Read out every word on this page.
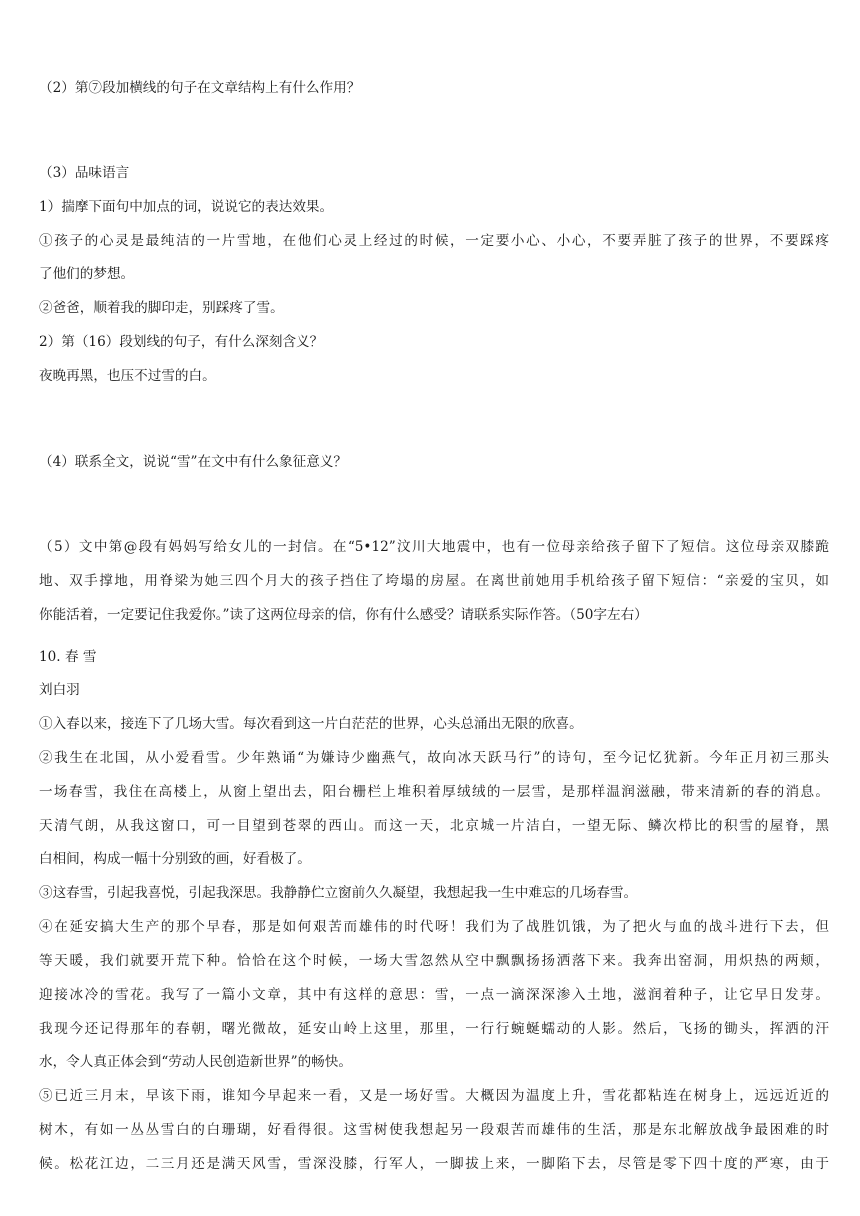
（2）第⑦段加横线的句子在文章结构上有什么作用？
（3）品味语言
1）揣摩下面句中加点的词，说说它的表达效果。
①孩子的心灵是最纯洁的一片雪地，在他们心灵上经过的时候，一定要小心、小心，不要弄脏了孩子的世界，不要踩疼
了他们的梦想。
②爸爸，顺着我的脚印走，别踩疼了雪。
2）第（16）段划线的句子，有什么深刻含义？
夜晚再黑，也压不过雪的白。
（4）联系全文，说说“雪”在文中有什么象征意义？
（5）文中第@段有妈妈写给女儿的一封信。在“5•12”汶川大地震中，也有一位母亲给孩子留下了短信。这位母亲双膝跪
地、双手撑地，用脊梁为她三四个月大的孩子挡住了垮塌的房屋。在离世前她用手机给孩子留下短信：“亲爱的宝贝，如
你能活着，一定要记住我爱你。”读了这两位母亲的信，你有什么感受？请联系实际作答。（50字左右）
10. 春 雪
刘白羽
①入春以来，接连下了几场大雪。每次看到这一片白茫茫的世界，心头总涌出无限的欣喜。
②我生在北国，从小爱看雪。少年熟诵“为嫌诗少幽燕气，故向冰天跃马行”的诗句，至今记忆犹新。今年正月初三那头
一场春雪，我住在高楼上，从窗上望出去，阳台栅栏上堆积着厚绒绒的一层雪，是那样温润滋融，带来清新的春的消息。
天清气朗，从我这窗口，可一目望到苍翠的西山。而这一天，北京城一片洁白，一望无际、鳞次栉比的积雪的屋脊，黑
白相间，构成一幅十分别致的画，好看极了。
③这春雪，引起我喜悦，引起我深思。我静静伫立窗前久久凝望，我想起我一生中难忘的几场春雪。
④在延安搞大生产的那个早春，那是如何艰苦而雄伟的时代呀！我们为了战胜饥饿，为了把火与血的战斗进行下去，但
等天暖，我们就要开荒下种。恰恰在这个时候，一场大雪忽然从空中飘飘扬扬洒落下来。我奔出窑洞，用炽热的两颊，
迎接冰冷的雪花。我写了一篇小文章，其中有这样的意思：雪，一点一滴深深渗入土地，滋润着种子，让它早日发芽。
我现今还记得那年的春朝，曙光微故，延安山岭上这里，那里，一行行蜿蜒蠕动的人影。然后，飞扬的锄头，挥洒的汗
水，令人真正体会到“劳动人民创造新世界”的畅快。
⑤已近三月末，早该下雨，谁知今早起来一看，又是一场好雪。大概因为温度上升，雪花都粘连在树身上，远远近近的
树木，有如一丛丛雪白的白珊瑚，好看得很。这雪树使我想起另一段艰苦而雄伟的生活，那是东北解放战争最困难的时
候。松花江边，二三月还是满天风雪，雪深没膝，行军人，一脚拔上来，一脚陷下去，尽管是零下四十度的严寒，由于
